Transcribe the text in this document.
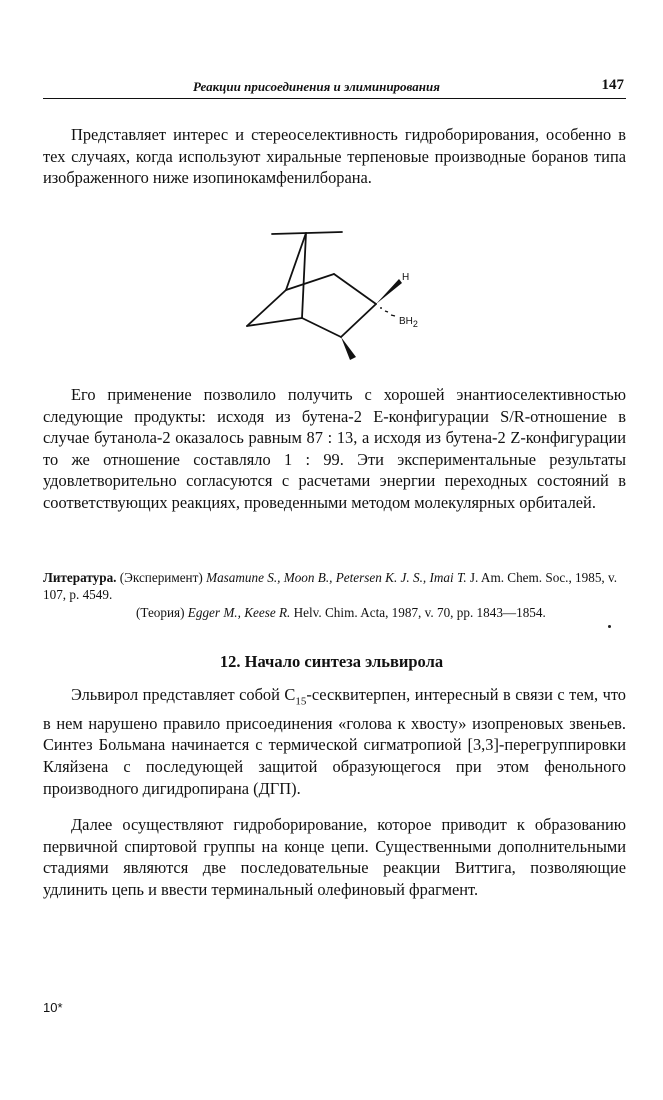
Реакции присоединения и элиминирования	147

Представляет интерес и стереоселективность гидроборирования, особенно в тех случаях, когда используют хиральные терпеновые производные боранов типа изображенного ниже изопинокамфенилборана.

H
BH2

Его применение позволило получить с хорошей энантиоселективностью следующие продукты: исходя из бутена-2 E-конфигурации S/R-отношение в случае бутанола-2 оказалось равным 87 : 13, а исходя из бутена-2 Z-конфигурации то же отношение составляло 1 : 99. Эти экспериментальные результаты удовлетворительно согласуются с расчетами энергии переходных состояний в соответствующих реакциях, проведенными методом молекулярных орбиталей.

Литература. (Эксперимент) Masamune S., Moon B., Petersen K. J. S., Imai T. J. Am. Chem. Soc., 1985, v. 107, p. 4549.
(Теория) Egger M., Keese R. Helv. Chim. Acta, 1987, v. 70, pp. 1843—1854.
12. Начало синтеза эльвирола

Эльвирол представляет собой $C_{15}$-сесквитерпен, интересный в связи с тем, что в нем нарушено правило присоединения «голова к хвосту» изопреновых звеньев. Синтез Больмана начинается с термической сигматропиой [3,3]-перегруппировки Кляйзена с последующей защитой образующегося при этом фенольного производного дигидропирана (ДГП).

Далее осуществляют гидроборирование, которое приводит к образованию первичной спиртовой группы на конце цепи. Существенными дополнительными стадиями являются две последовательные реакции Виттига, позволяющие удлинить цепь и ввести терминальный олефиновый фрагмент.

10*
